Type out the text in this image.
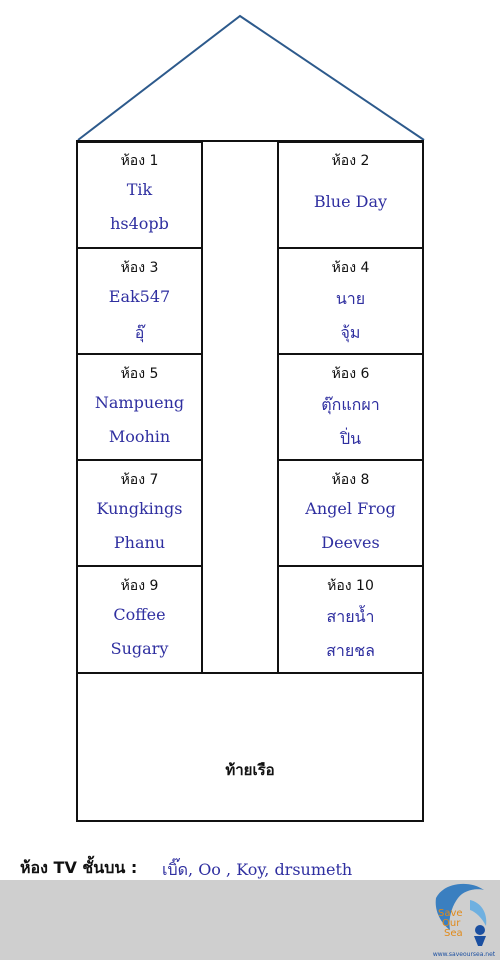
ห้อง 1
Tik
hs4opb
ห้อง 3
Eak547
อุ๊
ห้อง 5
Nampueng
Moohin
ห้อง 7
Kungkings
Phanu
ห้อง 9
Coffee
Sugary
ห้อง 2
Blue Day
ห้อง 4
นาย
จุ้ม
ห้อง 6
ตุ๊กแกผา
ปิ่น
ห้อง 8
Angel Frog
Deeves
ห้อง 10
สายน้ำ
สายชล
ท้ายเรือ
ห้อง TV ชั้นบน : เบิ๊ด, Oo , Koy, drsumeth
Save
Our
Sea
www.saveoursea.net
